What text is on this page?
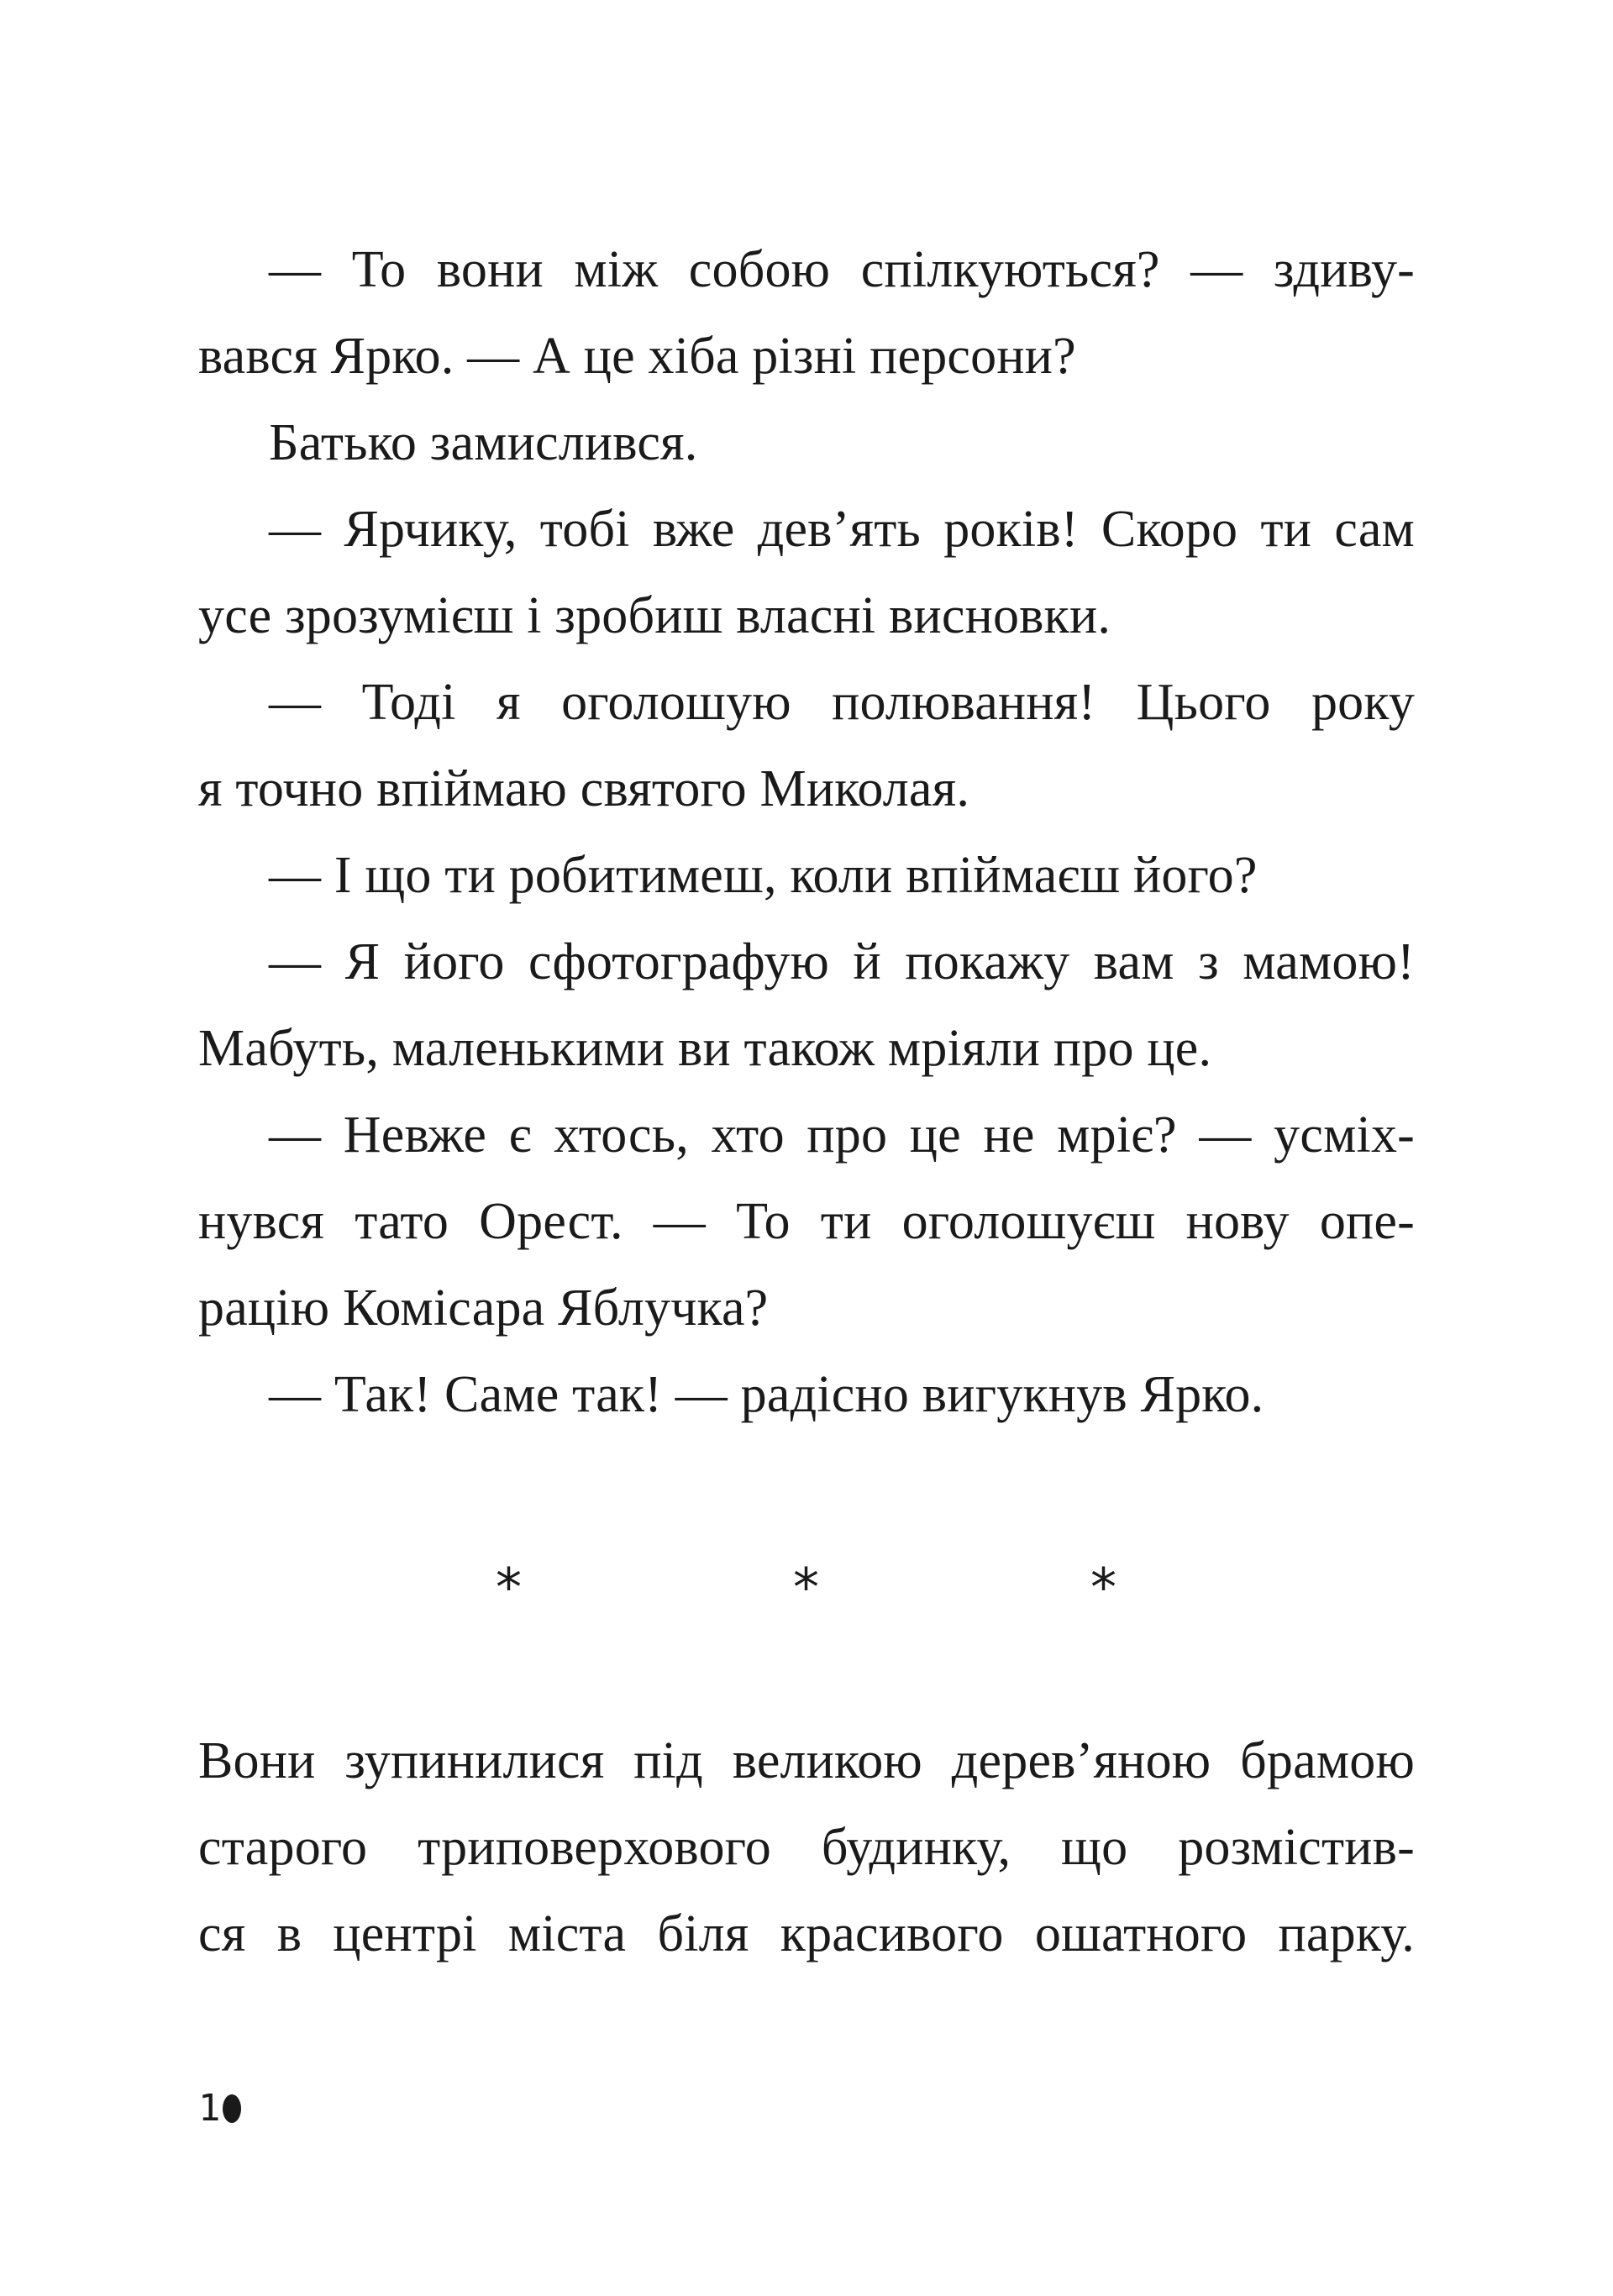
— То вони між собою спілкуються? — здиву-
вався Ярко. — А це хіба різні персони?
Батько замислився.
— Ярчику, тобі вже дев’ять років! Скоро ти сам
усе зрозумієш і зробиш власні висновки.
— Тоді я оголошую полювання! Цього року
я точно впіймаю святого Миколая.
— І що ти робитимеш, коли впіймаєш його?
— Я його сфотографую й покажу вам з мамою!
Мабуть, маленькими ви також мріяли про це.
— Невже є хтось, хто про це не мріє? — усміх-
нувся тато Орест. — То ти оголошуєш нову опе-
рацію Комісара Яблучка?
— Так! Саме так! — радісно вигукнув Ярко.
*	*	*
Вони зупинилися під великою дерев’яною брамою
старого триповерхового будинку, що розмістив-
ся в центрі міста біля красивого ошатного парку.
1
